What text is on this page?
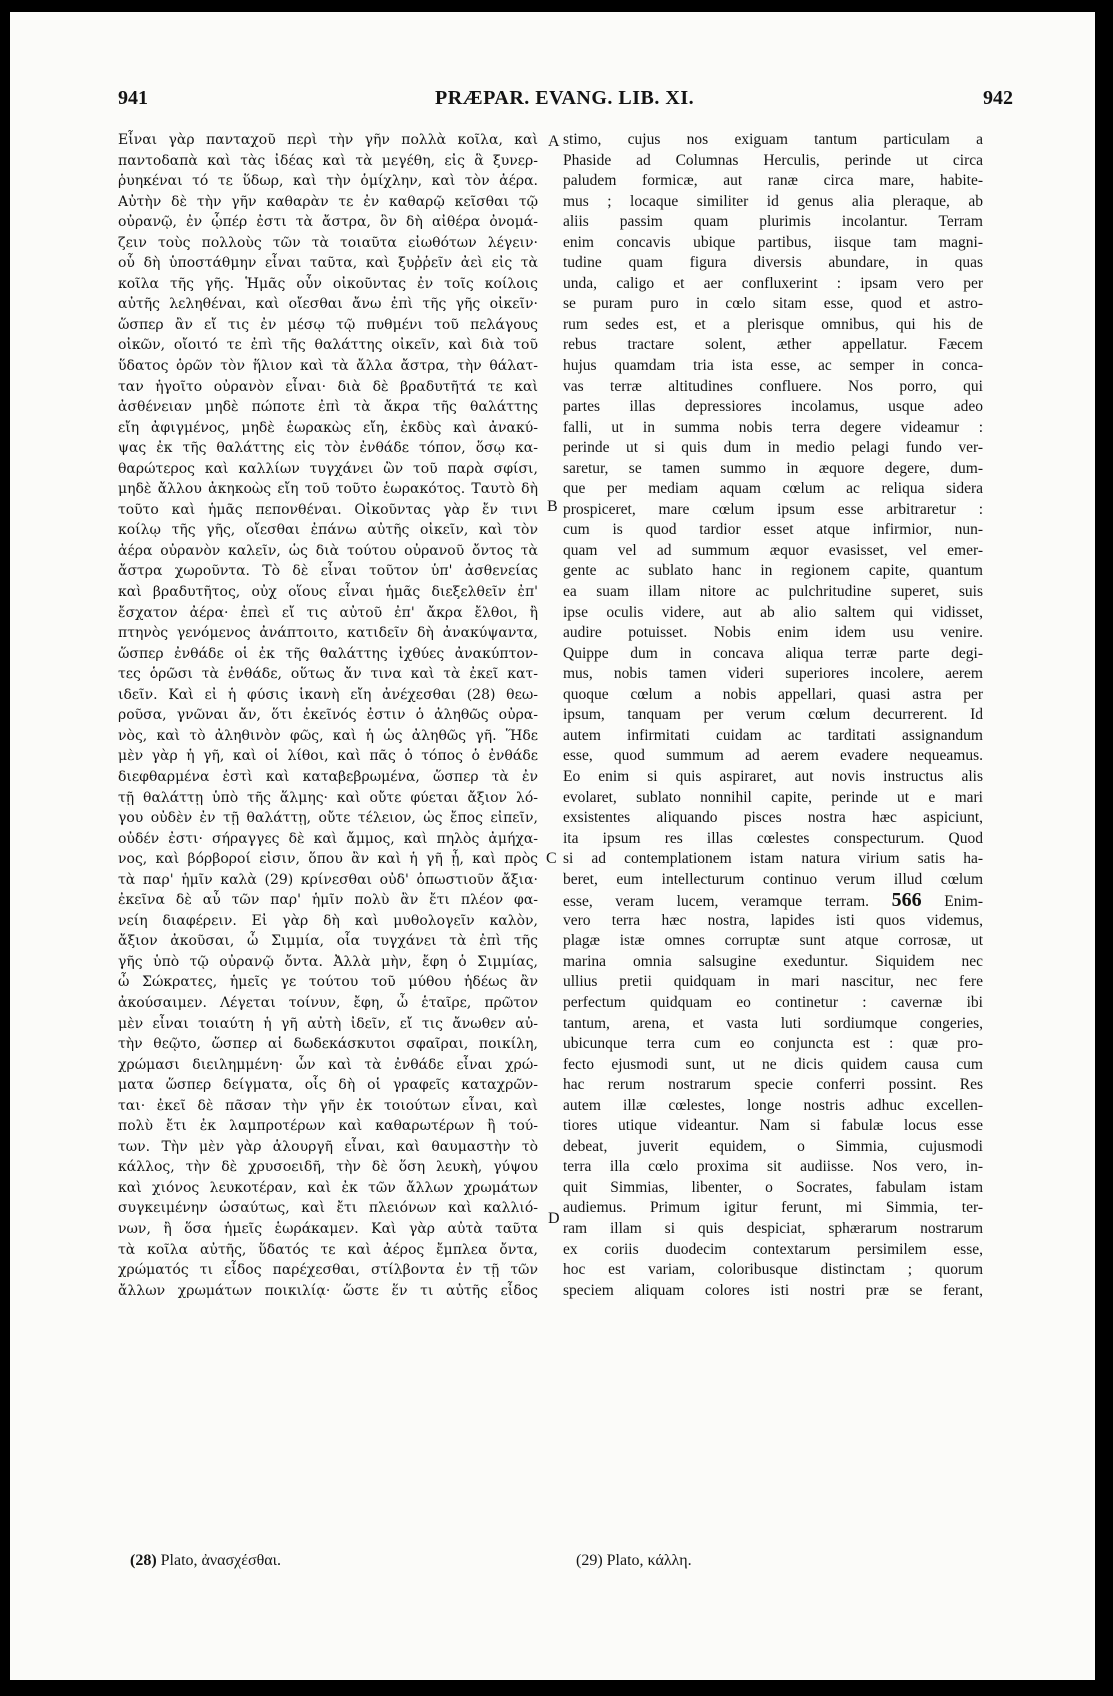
941	PRÆPAR. EVANG. LIB. XI.	942
Εἶναι γὰρ πανταχοῦ περὶ τὴν γῆν πολλὰ κοῖλα, καὶ
παντοδαπὰ καὶ τὰς ἰδέας καὶ τὰ μεγέθη, εἰς ἃ ξυνερ-
ῥυηκέναι τό τε ὕδωρ, καὶ τὴν ὁμίχλην, καὶ τὸν ἀέρα.
Αὐτὴν δὲ τὴν γῆν καθαρὰν τε ἐν καθαρῷ κεῖσθαι τῷ
οὐρανῷ, ἐν ᾧπέρ ἐστι τὰ ἄστρα, ὃν δὴ αἰθέρα ὀνομά-
ζειν τοὺς πολλοὺς τῶν τὰ τοιαῦτα εἰωθότων λέγειν·
οὗ δὴ ὑποστάθμην εἶναι ταῦτα, καὶ ξυῤῥεῖν ἀεὶ εἰς τὰ
κοῖλα τῆς γῆς. Ἡμᾶς οὖν οἰκοῦντας ἐν τοῖς κοίλοις
αὐτῆς λεληθέναι, καὶ οἴεσθαι ἄνω ἐπὶ τῆς γῆς οἰκεῖν·
ὥσπερ ἂν εἴ τις ἐν μέσῳ τῷ πυθμένι τοῦ πελάγους
οἰκῶν, οἴοιτό τε ἐπὶ τῆς θαλάττης οἰκεῖν, καὶ διὰ τοῦ
ὕδατος ὁρῶν τὸν ἥλιον καὶ τὰ ἄλλα ἄστρα, τὴν θάλατ-
ταν ἡγοῖτο οὐρανὸν εἶναι· διὰ δὲ βραδυτῆτά τε καὶ
ἀσθένειαν μηδὲ πώποτε ἐπὶ τὰ ἄκρα τῆς θαλάττης
εἴη ἀφιγμένος, μηδὲ ἑωρακὼς εἴη, ἐκδὺς καὶ ἀνακύ-
ψας ἐκ τῆς θαλάττης εἰς τὸν ἐνθάδε τόπον, ὅσῳ κα-
θαρώτερος καὶ καλλίων τυγχάνει ὢν τοῦ παρὰ σφίσι,
μηδὲ ἄλλου ἀκηκοὼς εἴη τοῦ τοῦτο ἑωρακότος. Ταυτὸ δὴ
τοῦτο καὶ ἡμᾶς πεπονθέναι. Οἰκοῦντας γὰρ ἔν τινι
κοίλῳ τῆς γῆς, οἴεσθαι ἐπάνω αὐτῆς οἰκεῖν, καὶ τὸν
ἀέρα οὐρανὸν καλεῖν, ὡς διὰ τούτου οὐρανοῦ ὄντος τὰ
ἄστρα χωροῦντα. Τὸ δὲ εἶναι τοῦτον ὑπ' ἀσθενείας
καὶ βραδυτῆτος, οὐχ οἵους εἶναι ἡμᾶς διεξελθεῖν ἐπ'
ἔσχατον ἀέρα· ἐπεὶ εἴ τις αὐτοῦ ἐπ' ἄκρα ἔλθοι, ἢ
πτηνὸς γενόμενος ἀνάπτοιτο, κατιδεῖν δὴ ἀνακύψαντα,
ὥσπερ ἐνθάδε οἱ ἐκ τῆς θαλάττης ἰχθύες ἀνακύπτον-
τες ὁρῶσι τὰ ἐνθάδε, οὕτως ἄν τινα καὶ τὰ ἐκεῖ κατ-
ιδεῖν. Καὶ εἰ ἡ φύσις ἱκανὴ εἴη ἀνέχεσθαι (28) θεω-
ροῦσα, γνῶναι ἄν, ὅτι ἐκεῖνός ἐστιν ὁ ἀληθῶς οὐρα-
νὸς, καὶ τὸ ἀληθινὸν φῶς, καὶ ἡ ὡς ἀληθῶς γῆ. Ἥδε
μὲν γὰρ ἡ γῆ, καὶ οἱ λίθοι, καὶ πᾶς ὁ τόπος ὁ ἐνθάδε
διεφθαρμένα ἐστὶ καὶ καταβεβρωμένα, ὥσπερ τὰ ἐν
τῇ θαλάττῃ ὑπὸ τῆς ἅλμης· καὶ οὔτε φύεται ἄξιον λό-
γου οὐδὲν ἐν τῇ θαλάττῃ, οὔτε τέλειον, ὡς ἔπος εἰπεῖν,
οὐδέν ἐστι· σήραγγες δὲ καὶ ἄμμος, καὶ πηλὸς ἀμήχα-
νος, καὶ βόρβοροί εἰσιν, ὅπου ἂν καὶ ἡ γῆ ᾖ, καὶ πρὸς
τὰ παρ' ἡμῖν καλὰ (29) κρίνεσθαι οὐδ' ὁπωστιοῦν ἄξια·
ἐκεῖνα δὲ αὖ τῶν παρ' ἡμῖν πολὺ ἂν ἔτι πλέον φα-
νείη διαφέρειν. Εἰ γὰρ δὴ καὶ μυθολογεῖν καλὸν,
ἄξιον ἀκοῦσαι, ὦ Σιμμία, οἷα τυγχάνει τὰ ἐπὶ τῆς
γῆς ὑπὸ τῷ οὐρανῷ ὄντα. Ἀλλὰ μὴν, ἔφη ὁ Σιμμίας,
ὦ Σώκρατες, ἡμεῖς γε τούτου τοῦ μύθου ἡδέως ἂν
ἀκούσαιμεν. Λέγεται τοίνυν, ἔφη, ὦ ἑταῖρε, πρῶτον
μὲν εἶναι τοιαύτη ἡ γῆ αὐτὴ ἰδεῖν, εἴ τις ἄνωθεν αὐ-
τὴν θεῷτο, ὥσπερ αἱ δωδεκάσκυτοι σφαῖραι, ποικίλη,
χρώμασι διειλημμένη· ὧν καὶ τὰ ἐνθάδε εἶναι χρώ-
ματα ὥσπερ δείγματα, οἷς δὴ οἱ γραφεῖς καταχρῶν-
ται· ἐκεῖ δὲ πᾶσαν τὴν γῆν ἐκ τοιούτων εἶναι, καὶ
πολὺ ἔτι ἐκ λαμπροτέρων καὶ καθαρωτέρων ἢ τού-
των. Τὴν μὲν γὰρ ἁλουργῆ εἶναι, καὶ θαυμαστὴν τὸ
κάλλος, τὴν δὲ χρυσοειδῆ, τὴν δὲ ὅση λευκὴ, γύψου
καὶ χιόνος λευκοτέραν, καὶ ἐκ τῶν ἄλλων χρωμάτων
συγκειμένην ὡσαύτως, καὶ ἔτι πλειόνων καὶ καλλιό-
νων, ἢ ὅσα ἡμεῖς ἑωράκαμεν. Καὶ γὰρ αὐτὰ ταῦτα
τὰ κοῖλα αὐτῆς, ὕδατός τε καὶ ἀέρος ἔμπλεα ὄντα,
χρώματός τι εἶδος παρέχεσθαι, στίλβοντα ἐν τῇ τῶν
ἄλλων χρωμάτων ποικιλίᾳ· ὥστε ἕν τι αὐτῆς εἶδος
stimo, cujus nos exiguam tantum particulam a
Phaside ad Columnas Herculis, perinde ut circa
paludem formicæ, aut ranæ circa mare, habite-
mus ; locaque similiter id genus alia pleraque, ab
aliis passim quam plurimis incolantur. Terram
enim concavis ubique partibus, iisque tam magni-
tudine quam figura diversis abundare, in quas
unda, caligo et aer confluxerint : ipsam vero per
se puram puro in cœlo sitam esse, quod et astro-
rum sedes est, et a plerisque omnibus, qui his de
rebus tractare solent, æther appellatur. Fæcem
hujus quamdam tria ista esse, ac semper in conca-
vas terræ altitudines confluere. Nos porro, qui
partes illas depressiores incolamus, usque adeo
falli, ut in summa nobis terra degere videamur :
perinde ut si quis dum in medio pelagi fundo ver-
saretur, se tamen summo in æquore degere, dum-
que per mediam aquam cœlum ac reliqua sidera
prospiceret, mare cœlum ipsum esse arbitraretur :
cum is quod tardior esset atque infirmior, nun-
quam vel ad summum æquor evasisset, vel emer-
gente ac sublato hanc in regionem capite, quantum
ea suam illam nitore ac pulchritudine superet, suis
ipse oculis videre, aut ab alio saltem qui vidisset,
audire potuisset. Nobis enim idem usu venire.
Quippe dum in concava aliqua terræ parte degi-
mus, nobis tamen videri superiores incolere, aerem
quoque cœlum a nobis appellari, quasi astra per
ipsum, tanquam per verum cœlum decurrerent. Id
autem infirmitati cuidam ac tarditati assignandum
esse, quod summum ad aerem evadere nequeamus.
Eo enim si quis aspiraret, aut novis instructus alis
evolaret, sublato nonnihil capite, perinde ut e mari
exsistentes aliquando pisces nostra hæc aspiciunt,
ita ipsum res illas cœlestes conspecturum. Quod
si ad contemplationem istam natura virium satis ha-
beret, eum intellecturum continuo verum illud cœlum
esse, veram lucem, veramque terram. 566 Enim-
vero terra hæc nostra, lapides isti quos videmus,
plagæ istæ omnes corruptæ sunt atque corrosæ, ut
marina omnia salsugine exeduntur. Siquidem nec
ullius pretii quidquam in mari nascitur, nec fere
perfectum quidquam eo continetur : cavernæ ibi
tantum, arena, et vasta luti sordiumque congeries,
ubicunque terra cum eo conjuncta est : quæ pro-
fecto ejusmodi sunt, ut ne dicis quidem causa cum
hac rerum nostrarum specie conferri possint. Res
autem illæ cœlestes, longe nostris adhuc excellen-
tiores utique videantur. Nam si fabulæ locus esse
debeat, juverit equidem, o Simmia, cujusmodi
terra illa cœlo proxima sit audiisse. Nos vero, in-
quit Simmias, libenter, o Socrates, fabulam istam
audiemus. Primum igitur ferunt, mi Simmia, ter-
ram illam si quis despiciat, sphærarum nostrarum
ex coriis duodecim contextarum persimilem esse,
hoc est variam, coloribusque distinctam ; quorum
speciem aliquam colores isti nostri præ se ferant,
A
B
C
D
(28) Plato, ἀνασχέσθαι.	(29) Plato, κάλλη.
